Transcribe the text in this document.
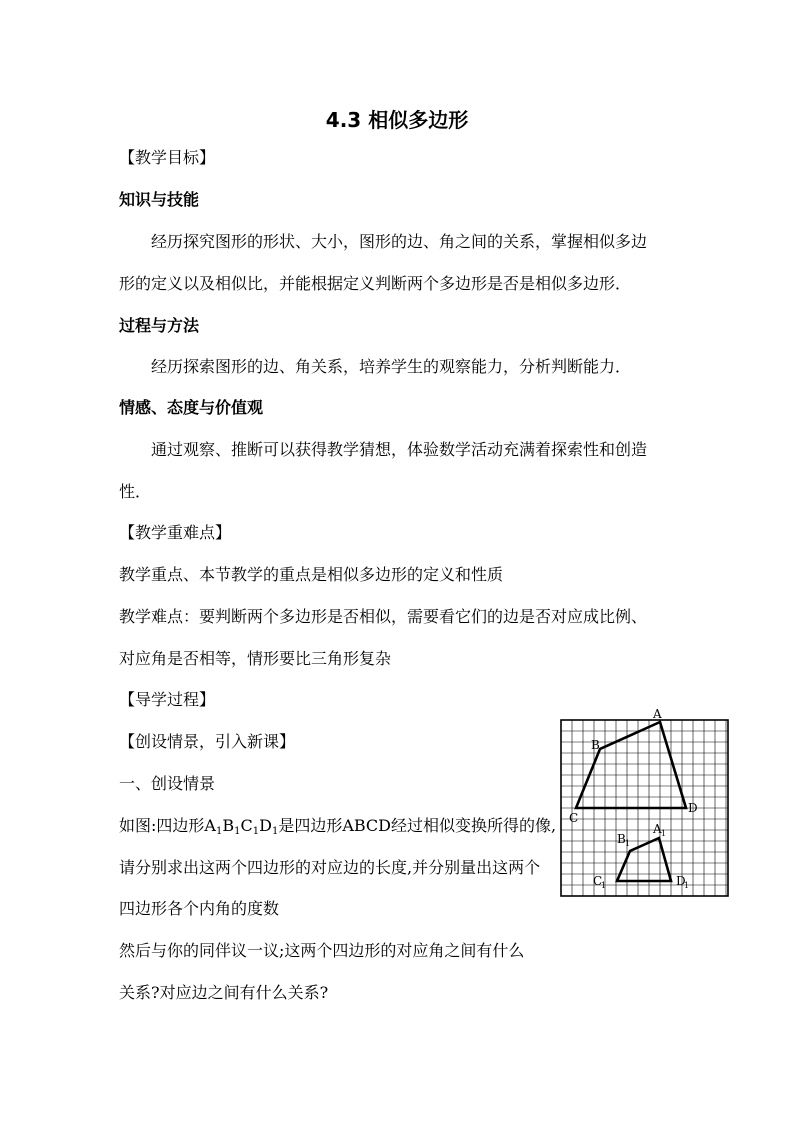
4.3 相似多边形
【教学目标】
知识与技能
经历探究图形的形状、大小，图形的边、角之间的关系，掌握相似多边
形的定义以及相似比，并能根据定义判断两个多边形是否是相似多边形．
过程与方法
经历探索图形的边、角关系，培养学生的观察能力，分析判断能力．
情感、态度与价值观
通过观察、推断可以获得教学猜想，体验数学活动充满着探索性和创造
性．
【教学重难点】
教学重点、本节教学的重点是相似多边形的定义和性质
教学难点：要判断两个多边形是否相似，需要看它们的边是否对应成比例、
对应角是否相等，情形要比三角形复杂
【导学过程】
【创设情景，引入新课】
一、创设情景
如图:四边形$A_1B_1C_1D_1$是四边形ABCD经过相似变换所得的像,
请分别求出这两个四边形的对应边的长度,并分别量出这两个
四边形各个内角的度数
然后与你的同伴议一议;这两个四边形的对应角之间有什么
关系?对应边之间有什么关系?
A
B
C
D
A 1
B 1
C
1	D
1
